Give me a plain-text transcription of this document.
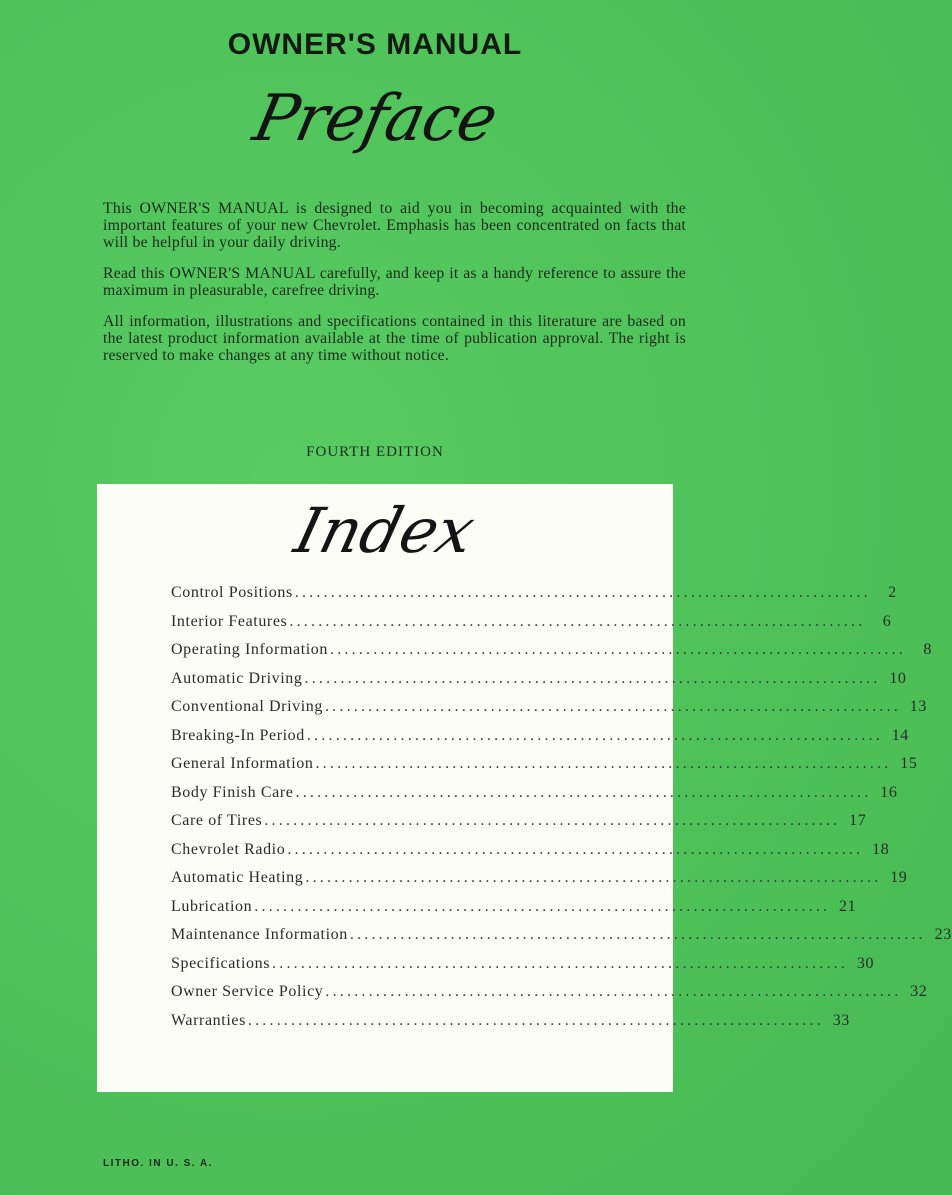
OWNER'S MANUAL
Preface

This OWNER'S MANUAL is designed to aid you in becoming acquainted with the important features of your new Chevrolet. Emphasis has been concentrated on facts that will be helpful in your daily driving.

Read this OWNER'S MANUAL carefully, and keep it as a handy reference to assure the maximum in pleasurable, carefree driving.

All information, illustrations and specifications contained in this literature are based on the latest product information available at the time of publication approval. The right is reserved to make changes at any time without notice.

FOURTH EDITION
Index
Control Positions ................................................................................	2
Interior Features ................................................................................	6
Operating Information ................................................................................	8
Automatic Driving ................................................................................ 10
Conventional Driving ................................................................................ 13
Breaking-In Period ................................................................................ 14
General Information ................................................................................ 15
Body Finish Care ................................................................................ 16
Care of Tires ................................................................................ 17
Chevrolet Radio ................................................................................ 18
Automatic Heating ................................................................................ 19
Lubrication ................................................................................ 21
Maintenance Information ................................................................................ 23
Specifications ................................................................................ 30
Owner Service Policy ................................................................................ 32
Warranties ................................................................................ 33
LITHO. IN U. S. A.
